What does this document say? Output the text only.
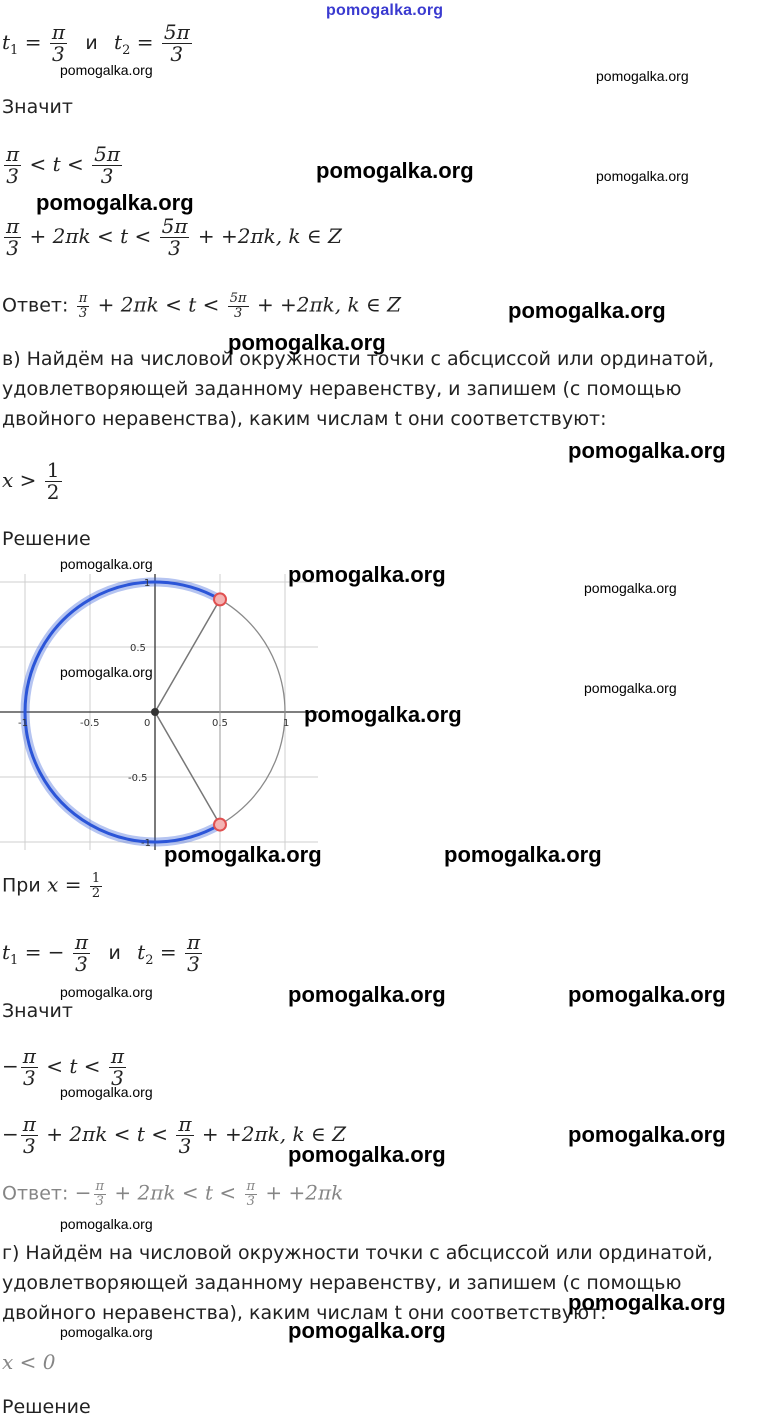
pomogalka.org
$t_1 = \frac{\pi}{3}$ и $t_2 = \frac{5\pi}{3}$
Значит
$\frac{\pi}{3} < t < \frac{5\pi}{3}$
$\frac{\pi}{3} + 2\pi k < t < \frac{5\pi}{3} + +2\pi k$, k ∈ Z
Ответ: $\frac{\pi}{3} + 2\pi k < t < \frac{5\pi}{3} + +2\pi k$, k ∈ Z
в) Найдём на числовой окружности точки с абсциссой или ординатой, удовлетворяющей заданному неравенству, и запишем (с помощью двойного неравенства), каким числам t они соответствуют:
$x > \frac{1}{2}$
Решение
1
0.5
-1	-0.5	0	0.5	1
-0.5
-1
При $x = \frac{1}{2}$
$t_1$ = − $\frac{\pi}{3}$ и $t_2 = \frac{\pi}{3}$
Значит
− $\frac{\pi}{3} < t < \frac{\pi}{3}$
− $\frac{\pi}{3} + 2\pi k < t < \frac{\pi}{3} + +2\pi k$, k ∈ Z
Ответ: − $\frac{\pi}{3} + 2\pi k < t < \frac{\pi}{3} + +2\pi k$
г) Найдём на числовой окружности точки с абсциссой или ординатой, удовлетворяющей заданному неравенству, и запишем (с помощью двойного неравенства), каким числам t они соответствуют:
x < 0
Решение
pomogalka.org	pomogalka.org
pomogalka.org	pomogalka.org
pomogalka.org
pomogalka.org
pomogalka.org
pomogalka.org
pomogalka.org	pomogalka.org
pomogalka.org
pomogalka.org
pomogalka.org
pomogalka.org
pomogalka.org	pomogalka.org
pomogalka.org	pomogalka.org	pomogalka.org
pomogalka.org
pomogalka.org
pomogalka.org
pomogalka.org
pomogalka.org
pomogalka.org	pomogalka.org
